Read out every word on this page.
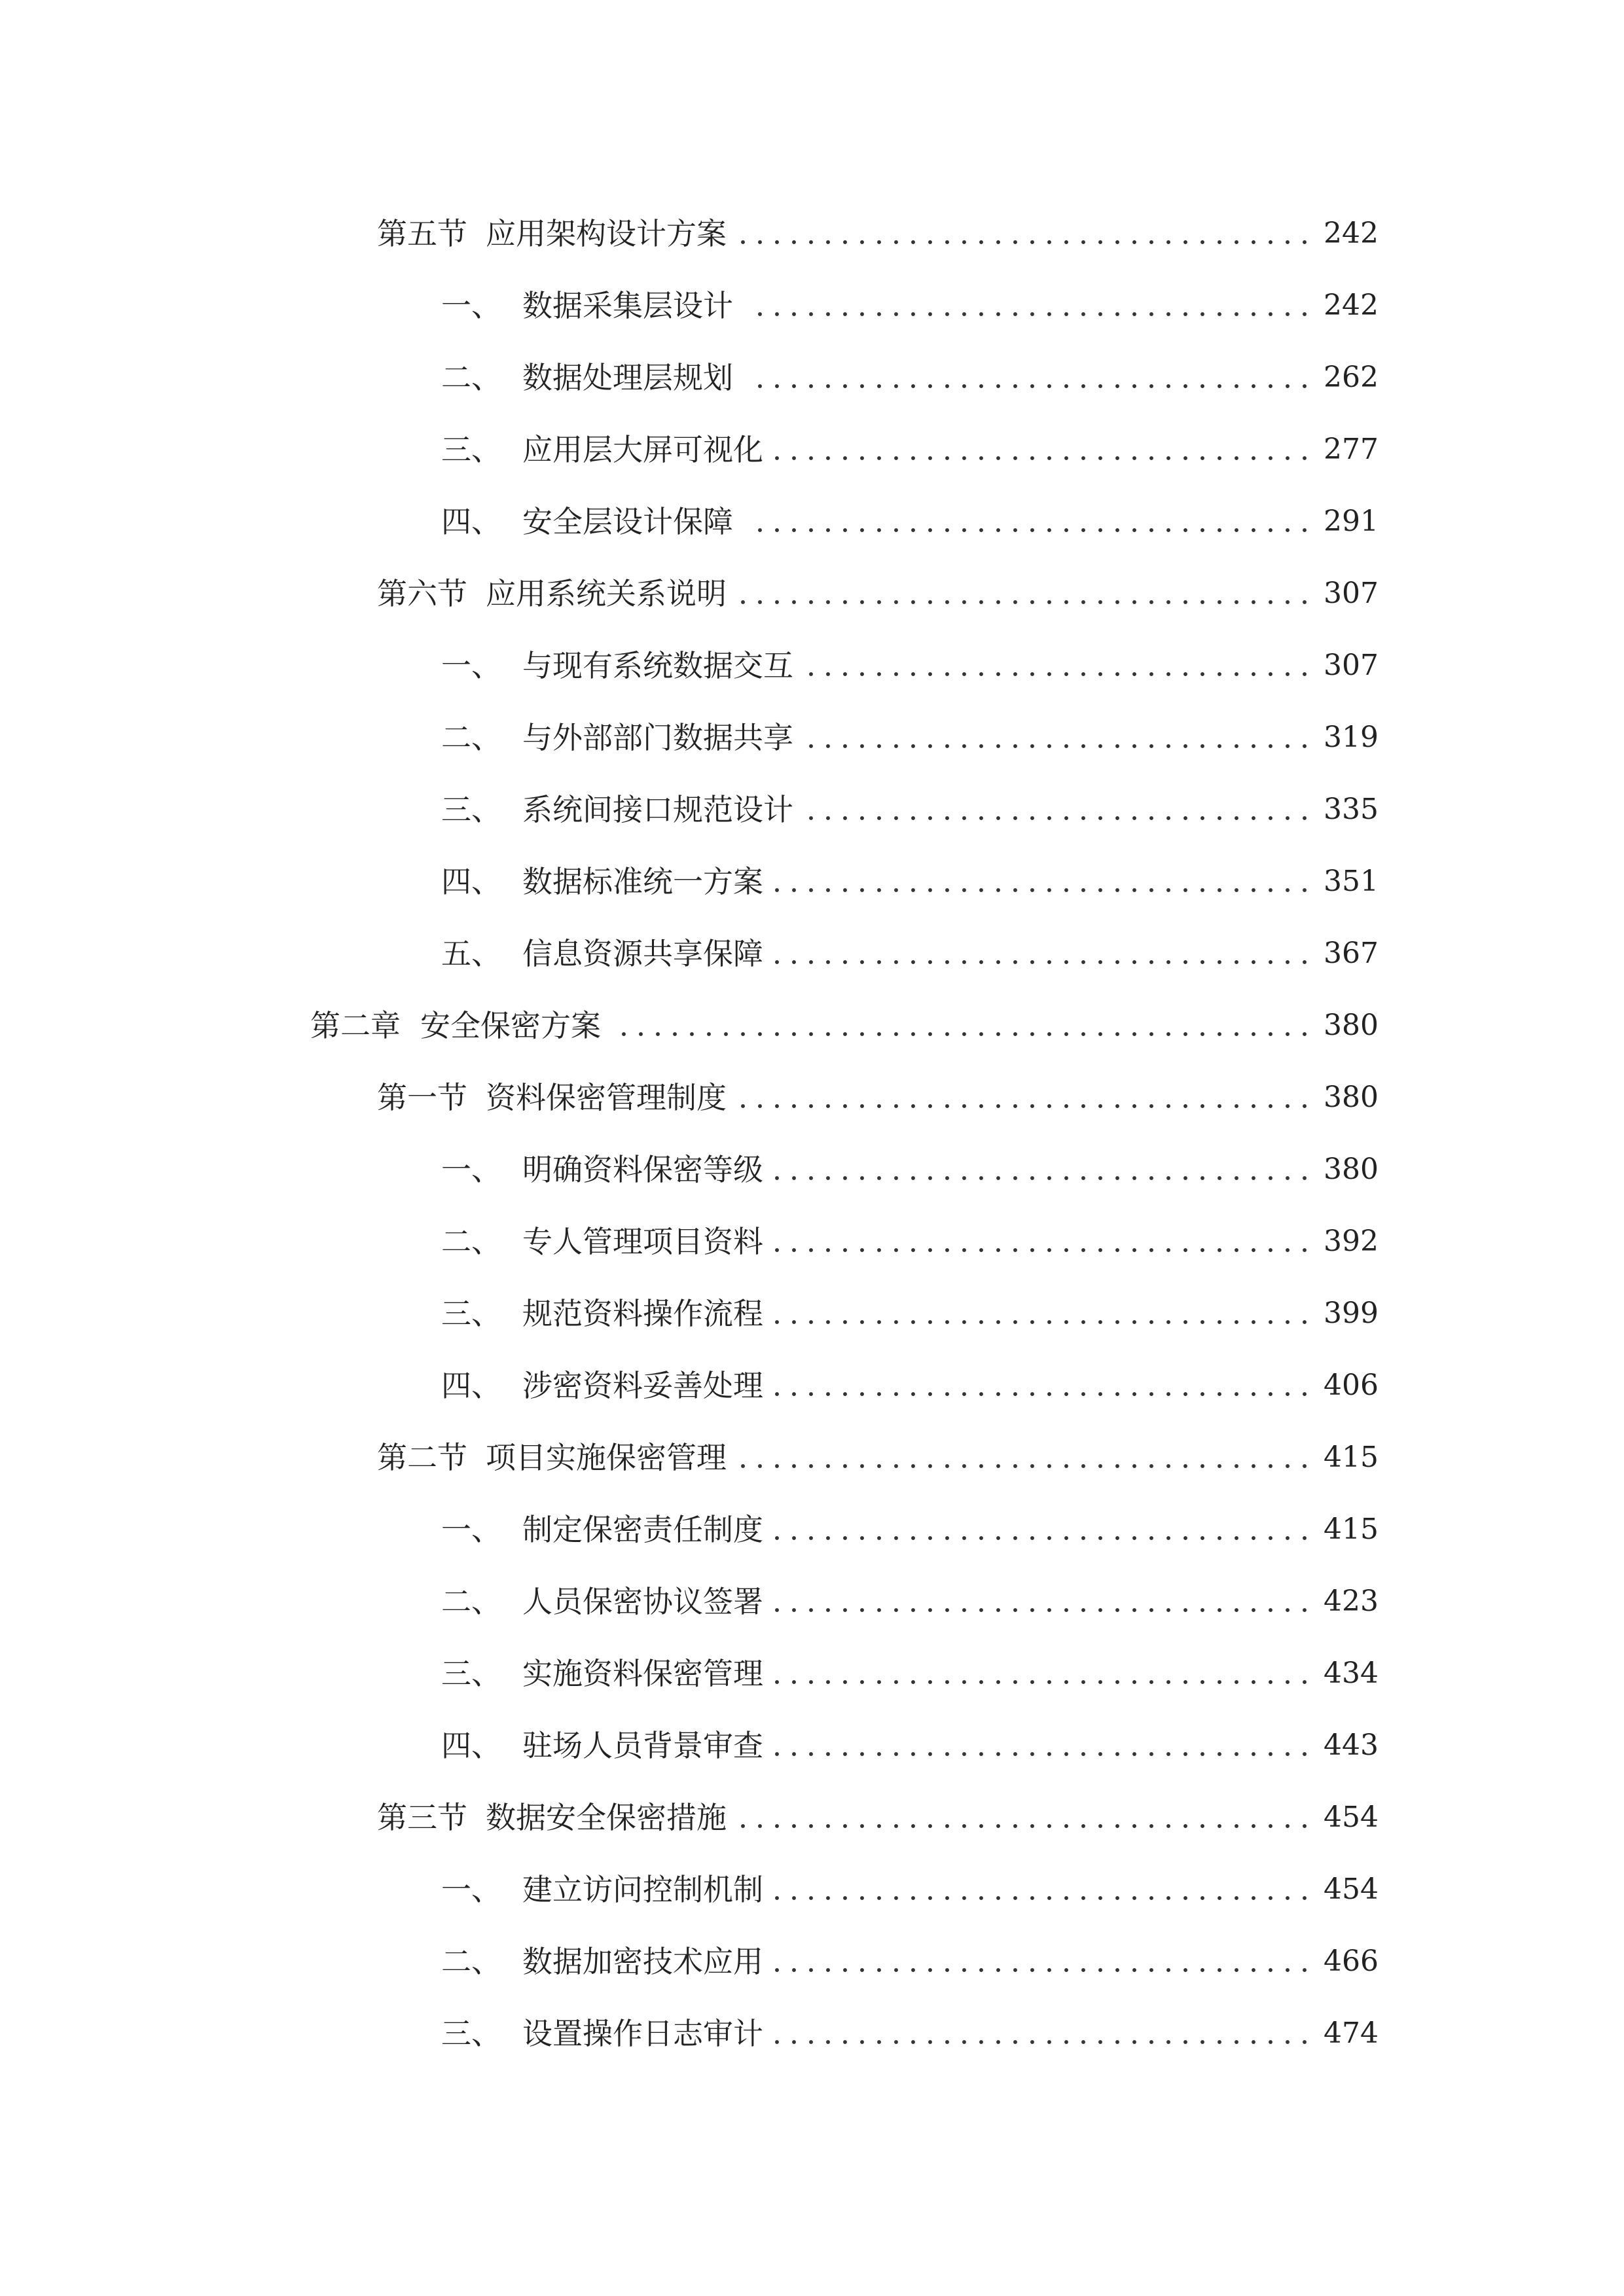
第五节 应用架构设计方案	242
一、 数据采集层设计	242
二、 数据处理层规划	262
三、 应用层大屏可视化	277
四、 安全层设计保障	291
第六节 应用系统关系说明	307
一、 与现有系统数据交互	307
二、 与外部部门数据共享	319
三、 系统间接口规范设计	335
四、 数据标准统一方案	351
五、 信息资源共享保障	367
第二章 安全保密方案	380
第一节 资料保密管理制度	380
一、 明确资料保密等级	380
二、 专人管理项目资料	392
三、 规范资料操作流程	399
四、 涉密资料妥善处理	406
第二节 项目实施保密管理	415
一、 制定保密责任制度	415
二、 人员保密协议签署	423
三、 实施资料保密管理	434
四、 驻场人员背景审查	443
第三节 数据安全保密措施	454
一、 建立访问控制机制	454
二、 数据加密技术应用	466
三、 设置操作日志审计	474
